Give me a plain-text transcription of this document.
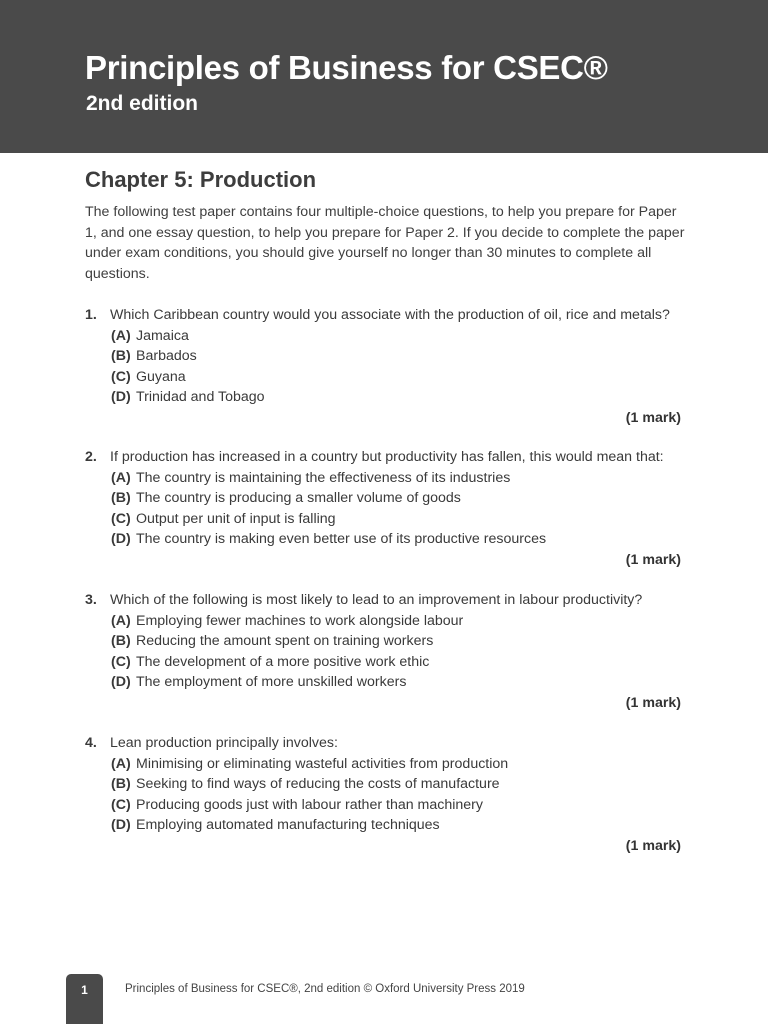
Principles of Business for CSEC®
2nd edition
Chapter 5: Production

The following test paper contains four multiple-choice questions, to help you prepare for Paper 1, and one essay question, to help you prepare for Paper 2. If you decide to complete the paper under exam conditions, you should give yourself no longer than 30 minutes to complete all questions.

1. Which Caribbean country would you associate with the production of oil, rice and metals?
(A) Jamaica
(B) Barbados
(C) Guyana
(D) Trinidad and Tobago
(1 mark)
2. If production has increased in a country but productivity has fallen, this would mean that:
(A) The country is maintaining the effectiveness of its industries
(B) The country is producing a smaller volume of goods
(C) Output per unit of input is falling
(D) The country is making even better use of its productive resources
(1 mark)
3. Which of the following is most likely to lead to an improvement in labour productivity?
(A) Employing fewer machines to work alongside labour
(B) Reducing the amount spent on training workers
(C) The development of a more positive work ethic
(D) The employment of more unskilled workers
(1 mark)
4. Lean production principally involves:
(A) Minimising or eliminating wasteful activities from production
(B) Seeking to find ways of reducing the costs of manufacture
(C) Producing goods just with labour rather than machinery
(D) Employing automated manufacturing techniques
(1 mark)
1	Principles of Business for CSEC®, 2nd edition © Oxford University Press 2019
